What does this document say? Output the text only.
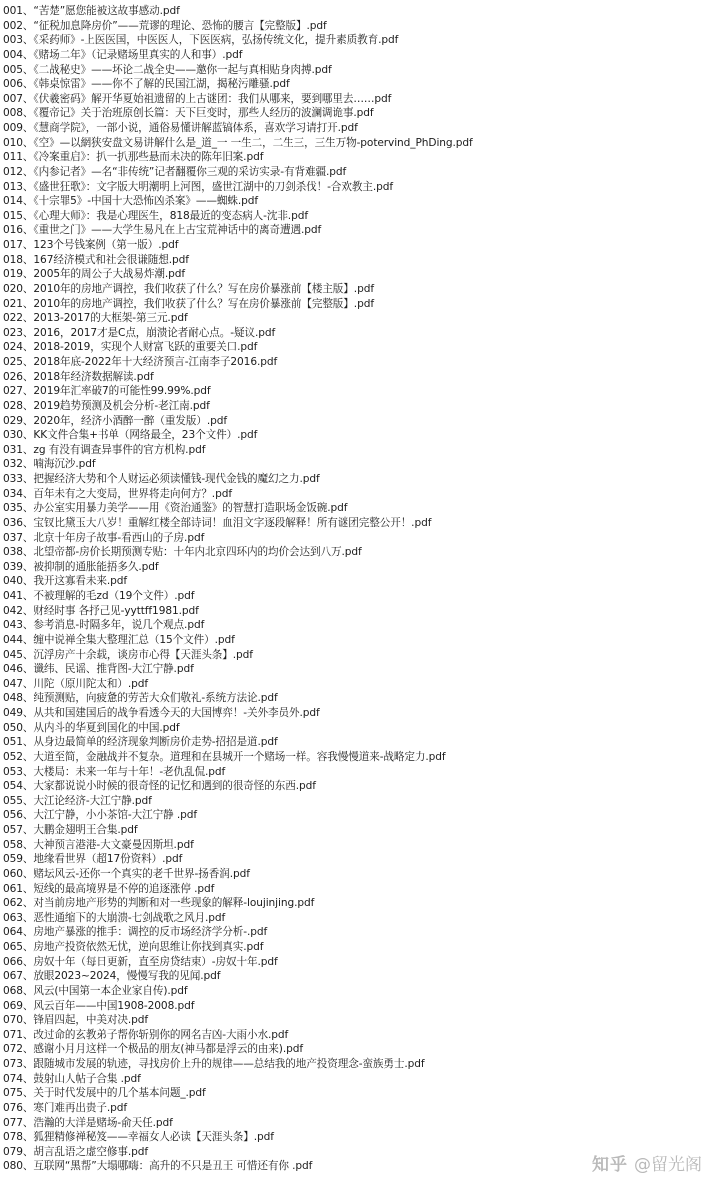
001、“苦楚”愿您能被这故事感动.pdf
002、“征税加息降房价”——荒谬的理论、恐怖的腰言【完整版】.pdf
003、《采药师》-上医医国，中医医人，下医医病，弘扬传统文化，提升素质教育.pdf
004、《赌场二年》（记录赌场里真实的人和事）.pdf
005、《二战秘史》——坏论二战全史——邀你一起与真相贴身肉搏.pdf
006、《韩桌惊雷》——你不了解的民国江湖，揭秘污雕骚.pdf
007、《伏羲密码》解开华夏始祖遗留的上古谜团：我们从哪来，要到哪里去……pdf
008、《覆帝记》关于治班原创长篇：天下巨变时，那些人经历的波澜调诡事.pdf
009、《慧商学院》，一部小说，通俗易懂讲解蓝镐体系，喜欢学习请打开.pdf
010、《空》—以網狭安盘文易讲解什么是_道_一 一生二，二生三，三生万物-potervind_PhDing.pdf
011、《冷案重启》：扒一扒那些悬而未决的陈年旧案.pdf
012、《内参记者》—名“非传统”记者翻覆你三观的采访实录-有背难疆.pdf
013、《盛世狂歌》：文字版大明潮明上河图，盛世江湖中的刀剑杀伐！-合欢教主.pdf
014、《十宗罪5》-中国十大恐怖凶杀案》——蜘蛛.pdf
015、《心理大师》：我是心理医生，818最近的变态病人-沈非.pdf
016、《重世之门》——大学生易凡在上古宝荒神话中的离奇遭遇.pdf
017、123个号钱案例（第一版）.pdf
018、167经济模式和社会很谦随想.pdf
019、2005年的周公子大战易炸潮.pdf
020、2010年的房地产调控，我们收获了什么？写在房价暴涨前【楼主版】.pdf
021、2010年的房地产调控，我们收获了什么？写在房价暴涨前【完整版】.pdf
022、2013-2017的大框架-第三元.pdf
023、2016，2017才是C点，崩溃论者耐心点。-疑议.pdf
024、2018-2019，实现个人财富飞跃的重要关口.pdf
025、2018年底-2022年十大经济预言-江南李子2016.pdf
026、2018年经济数据解读.pdf
027、2019年汇率破7的可能性99.99%.pdf
028、2019趋势预测及机会分析-老江南.pdf
029、2020年，经济小酒醉一醉（重发版）.pdf
030、KK文件合集+书单（网络最全，23个文件）.pdf
031、zg 有没有调查异事件的官方机构.pdf
032、喃海沉沙.pdf
033、把握经济大势和个人财运必须读懂钱-现代金钱的魔幻之力.pdf
034、百年未有之大变局，世界将走向何方？.pdf
035、办公室实用暴力美学——用《资治通鉴》的智慧打造职场金饭碗.pdf
036、宝钗比黛玉大八岁！重解红楼全部诗词！血泪文字逐段解释！所有谜团完整公开！.pdf
037、北京十年房子故事-看西山的子房.pdf
038、北望帝都-房价长期预测专贴：十年内北京四环内的均价会达到八万.pdf
039、被抑制的通胀能捂多久.pdf
040、我开这寡看未来.pdf
041、不被理解的毛zd（19个文件）.pdf
042、财经时事 各抒己见-yyttff1981.pdf
043、参考消息-时隔多年，说几个观点.pdf
044、缠中说禅全集大整理汇总（15个文件）.pdf
045、沉浮房产十余载，谈房市心得【天涯头条】.pdf
046、谶纬、民谣、推背图-大江宁静.pdf
047、川陀（原川陀太和）.pdf
048、纯预测贴，向疲惫的劳苦大众们敬礼-系统方法论.pdf
049、从共和国建国后的战争看透今天的大国博弈！-关外李员外.pdf
050、从内斗的华夏到国化的中国.pdf
051、从身边最简单的经济现象判断房价走势-招招是道.pdf
052、大道至简，金融战并不复杂。道理和在县城开一个赌场一样。容我慢慢道来-战略定力.pdf
053、大楼局：未来一年与十年！-老仇乱侃.pdf
054、大家都说说小时候的很奇怪的记忆和遇到的很奇怪的东西.pdf
055、大江论经济-大江宁静.pdf
056、大江宁静，小小茶馆-大江宁静 .pdf
057、大鹏金翅明王合集.pdf
058、大神预言港港-大文豪曼因斯坦.pdf
059、地缘看世界（超17份资料）.pdf
060、赌坛风云-还你一个真实的老千世界-扬香润.pdf
061、短线的最高境界是不停的追逐涨停 .pdf
062、对当前房地产形势的判断和对一些现象的解释-loujinjing.pdf
063、恶性通缩下的大崩溃-七剑战歌之风月.pdf
064、房地产暴涨的推手：调控的反市场经济学分析-.pdf
065、房地产投资依然无忧，逆向思维让你找到真实.pdf
066、房奴十年（每日更新，直至房贷结束）-房奴十年.pdf
067、放眼2023~2024，慢慢写我的见闻.pdf
068、风云(中国第一本企业家自传).pdf
069、风云百年——中国1908-2008.pdf
070、锋眉四起，中美对决.pdf
071、改过命的玄教弟子帮你斩别你的网名吉凶-大雨小水.pdf
072、感谢小月月这样一个极品的朋友(神马都是浮云的由来).pdf
073、跟随城市发展的轨迹，寻找房价上升的规律——总结我的地产投资理念-蛮族勇士.pdf
074、鼓射山人帖子合集 .pdf
075、关于时代发展中的几个基本问题_.pdf
076、寒门难再出贵子.pdf
077、浩瀚的大洋是赌场-俞天任.pdf
078、狐狸精修禅秘笈——幸福女人必读【天涯头条】.pdf
079、胡言乱语之虚空修事.pdf
080、互联网“黑帮”大塌哪嗨：高升的不只是丑王 可惜还有你 .pdf	知乎 @留光阁
